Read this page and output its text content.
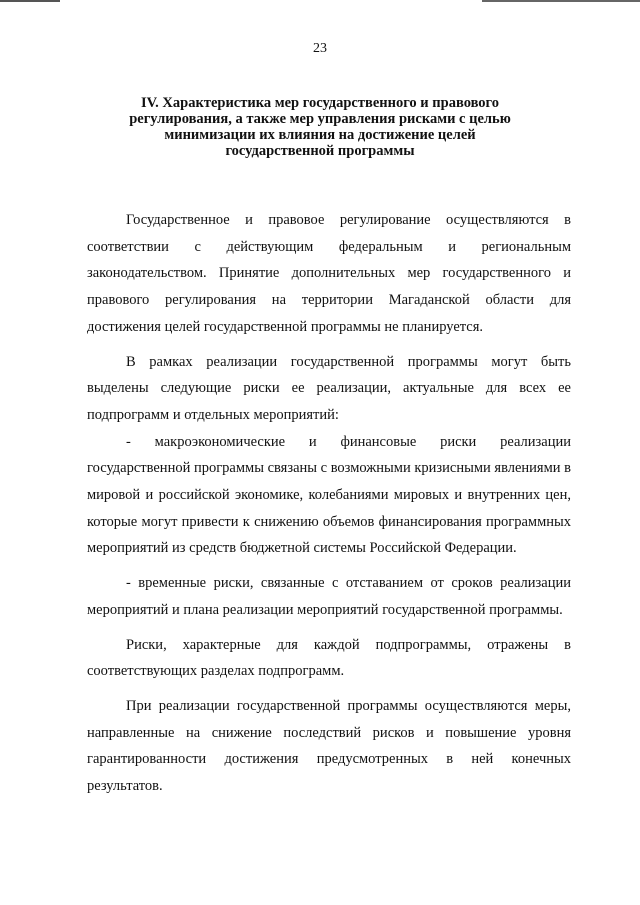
23
IV. Характеристика мер государственного и правового
регулирования, а также мер управления рисками с целью
минимизации их влияния на достижение целей
государственной программы

Государственное и правовое регулирование осуществляются в соответствии с действующим федеральным и региональным законодательством. Принятие дополнительных мер государственного и правового регулирования на территории Магаданской области для достижения целей государственной программы не планируется.

В рамках реализации государственной программы могут быть выделены следующие риски ее реализации, актуальные для всех ее подпрограмм и отдельных мероприятий:

- макроэкономические и финансовые риски реализации государственной программы связаны с возможными кризисными явлениями в мировой и российской экономике, колебаниями мировых и внутренних цен, которые могут привести к снижению объемов финансирования программных мероприятий из средств бюджетной системы Российской Федерации.

- временные риски, связанные с отставанием от сроков реализации мероприятий и плана реализации мероприятий государственной программы.

Риски, характерные для каждой подпрограммы, отражены в соответствующих разделах подпрограмм.

При реализации государственной программы осуществляются меры, направленные на снижение последствий рисков и повышение уровня гарантированности достижения предусмотренных в ней конечных результатов.
